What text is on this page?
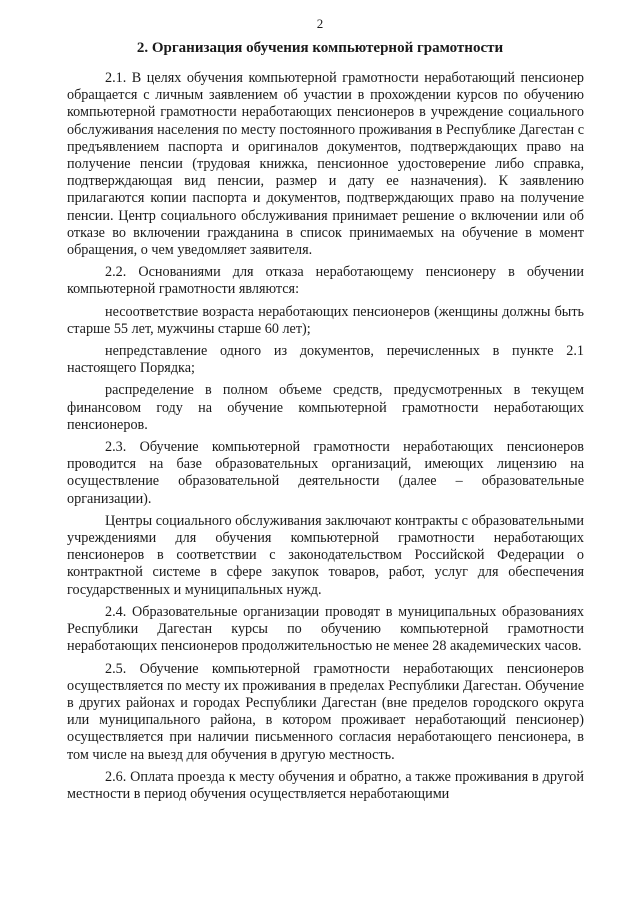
2
2. Организация обучения компьютерной грамотности

2.1. В целях обучения компьютерной грамотности неработающий пенсионер обращается с личным заявлением об участии в прохождении курсов по обучению компьютерной грамотности неработающих пенсионеров в учреждение социального обслуживания населения по месту постоянного проживания в Республике Дагестан с предъявлением паспорта и оригиналов документов, подтверждающих право на получение пенсии (трудовая книжка, пенсионное удостоверение либо справка, подтверждающая вид пенсии, размер и дату ее назначения). К заявлению прилагаются копии паспорта и документов, подтверждающих право на получение пенсии. Центр социального обслуживания принимает решение о включении или об отказе во включении гражданина в список принимаемых на обучение в момент обращения, о чем уведомляет заявителя.

2.2. Основаниями для отказа неработающему пенсионеру в обучении компьютерной грамотности являются:

несоответствие возраста неработающих пенсионеров (женщины должны быть старше 55 лет, мужчины старше 60 лет);

непредставление одного из документов, перечисленных в пункте 2.1 настоящего Порядка;

распределение в полном объеме средств, предусмотренных в текущем финансовом году на обучение компьютерной грамотности неработающих пенсионеров.

2.3. Обучение компьютерной грамотности неработающих пенсионеров проводится на базе образовательных организаций, имеющих лицензию на осуществление образовательной деятельности (далее – образовательные организации).

Центры социального обслуживания заключают контракты с образовательными учреждениями для обучения компьютерной грамотности неработающих пенсионеров в соответствии с законодательством Российской Федерации о контрактной системе в сфере закупок товаров, работ, услуг для обеспечения государственных и муниципальных нужд.

2.4. Образовательные организации проводят в муниципальных образованиях Республики Дагестан курсы по обучению компьютерной грамотности неработающих пенсионеров продолжительностью не менее 28 академических часов.

2.5. Обучение компьютерной грамотности неработающих пенсионеров осуществляется по месту их проживания в пределах Республики Дагестан. Обучение в других районах и городах Республики Дагестан (вне пределов городского округа или муниципального района, в котором проживает неработающий пенсионер) осуществляется при наличии письменного согласия неработающего пенсионера, в том числе на выезд для обучения в другую местность.

2.6. Оплата проезда к месту обучения и обратно, а также проживания в другой местности в период обучения осуществляется неработающими
